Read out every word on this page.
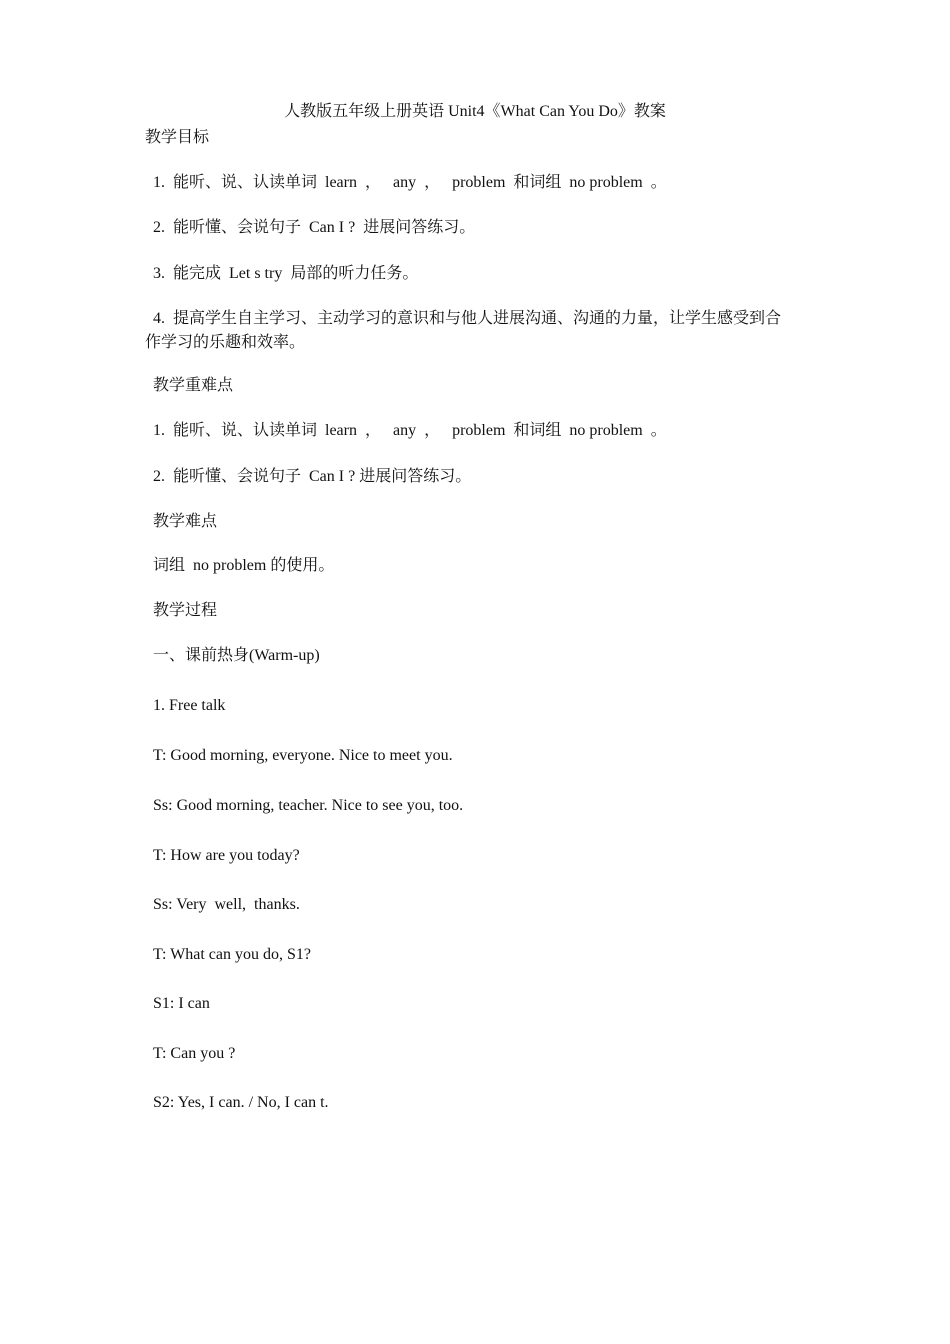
人教版五年级上册英语 Unit4《What Can You Do》教案
教学目标
1.  能听、说、认读单词  learn  ，   any  ，   problem  和词组  no problem  。
2.  能听懂、会说句子  Can I ?  进展问答练习。
3.  能完成  Let s try  局部的听力任务。
4.  提高学生自主学习、主动学习的意识和与他人进展沟通、沟通的力量，让学生感受到合
作学习的乐趣和效率。
教学重难点
1.  能听、说、认读单词  learn  ，   any  ，   problem  和词组  no problem  。
2.  能听懂、会说句子  Can I ? 进展问答练习。
教学难点
词组  no problem 的使用。
教学过程
一、课前热身(Warm-up)
1. Free talk
T: Good morning, everyone. Nice to meet you.
Ss: Good morning, teacher. Nice to see you, too.
T: How are you today?
Ss: Very  well,  thanks.
T: What can you do, S1?
S1: I can
T: Can you ?
S2: Yes, I can. / No, I can t.
